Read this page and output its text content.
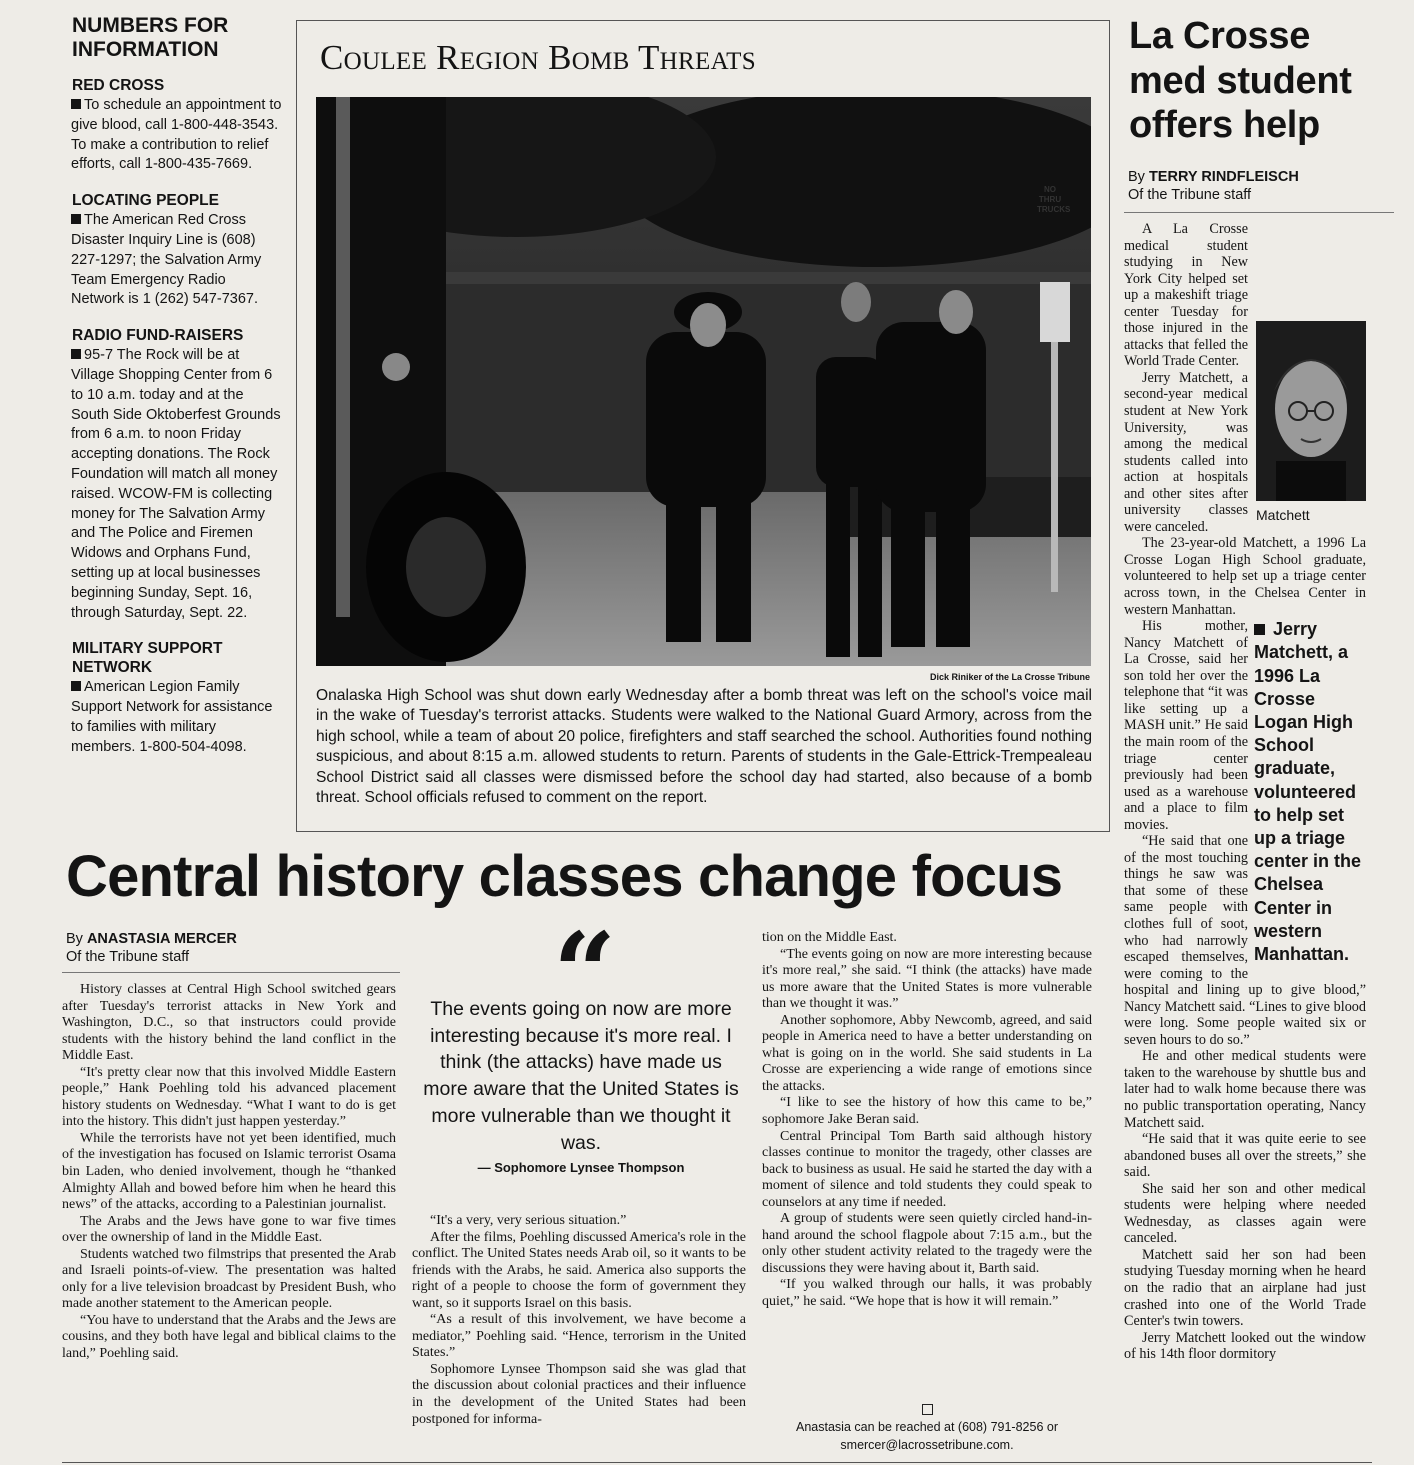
NUMBERS FOR INFORMATION
RED CROSS

To schedule an appointment to give blood, call 1-800-448-3543. To make a contribution to relief efforts, call 1-800-435-7669.

LOCATING PEOPLE

The American Red Cross Disaster Inquiry Line is (608) 227-1297; the Salvation Army Team Emergency Radio Network is 1 (262) 547-7367.

RADIO FUND-RAISERS

95-7 The Rock will be at Village Shopping Center from 6 to 10 a.m. today and at the South Side Oktoberfest Grounds from 6 a.m. to noon Friday accepting donations. The Rock Foundation will match all money raised. WCOW-FM is collecting money for The Salvation Army and The Police and Firemen Widows and Orphans Fund, setting up at local businesses beginning Sunday, Sept. 16, through Saturday, Sept. 22.

MILITARY SUPPORT NETWORK

American Legion Family Support Network for assistance to families with military members. 1-800-504-4098.

Coulee Region Bomb Threats
NO THRU TRUCKS
Dick Riniker of the La Crosse Tribune
Onalaska High School was shut down early Wednesday after a bomb threat was left on the school's voice mail in the wake of Tuesday's terrorist attacks. Students were walked to the National Guard Armory, across from the high school, while a team of about 20 police, firefighters and staff searched the school. Authorities found nothing suspicious, and about 8:15 a.m. allowed students to return. Parents of students in the Gale-Ettrick-Trempealeau School District said all classes were dismissed before the school day had started, also because of a bomb threat. School officials refused to comment on the report.
La Crosse med student offers help
By TERRY RINDFLEISCH
Of the Tribune staff
Matchett

A La Crosse medical student studying in New York City helped set up a makeshift triage center Tuesday for those injured in the attacks that felled the World Trade Center.

Jerry Matchett, a second-year medical student at New York University, was among the medical students called into action at hospitals and other sites after university classes were canceled.

The 23-year-old Matchett, a 1996 La Crosse Logan High School graduate, volunteered to help set up a triage center across town, in the Chelsea Center in western Manhattan.

Jerry Matchett, a 1996 La Crosse Logan High School graduate, volunteered to help set up a triage center in the Chelsea Center in western Manhattan.

His mother, Nancy Matchett of La Crosse, said her son told her over the telephone that “it was like setting up a MASH unit.” He said the main room of the triage center previously had been used as a warehouse and a place to film movies.

“He said that one of the most touching things he saw was that some of these same people with clothes full of soot, who had narrowly escaped themselves, were coming to the hospital and lining up to give blood,” Nancy Matchett said. “Lines to give blood were long. Some people waited six or seven hours to do so.”

He and other medical students were taken to the warehouse by shuttle bus and later had to walk home because there was no public transportation operating, Nancy Matchett said.

“He said that it was quite eerie to see abandoned buses all over the streets,” she said.

She said her son and other medical students were helping where needed Wednesday, as classes again were canceled.

Matchett said her son had been studying Tuesday morning when he heard on the radio that an airplane had just crashed into one of the World Trade Center's twin towers.

Jerry Matchett looked out the window of his 14th floor dormitory

Central history classes change focus
By ANASTASIA MERCER
Of the Tribune staff

History classes at Central High School switched gears after Tuesday's terrorist attacks in New York and Washington, D.C., so that instructors could provide students with the history behind the land conflict in the Middle East.

“It's pretty clear now that this involved Middle Eastern people,” Hank Poehling told his advanced placement history students on Wednesday. “What I want to do is get into the history. This didn't just happen yesterday.”

While the terrorists have not yet been identified, much of the investigation has focused on Islamic terrorist Osama bin Laden, who denied involvement, though he “thanked Almighty Allah and bowed before him when he heard this news” of the attacks, according to a Palestinian journalist.

The Arabs and the Jews have gone to war five times over the ownership of land in the Middle East.

Students watched two filmstrips that presented the Arab and Israeli points-of-view. The presentation was halted only for a live television broadcast by President Bush, who made another statement to the American people.

“You have to understand that the Arabs and the Jews are cousins, and they both have legal and biblical claims to the land,” Poehling said.

“
The events going on now are more interesting because it's more real. I think (the attacks) have made us more aware that the United States is more vulnerable than we thought it was.
— Sophomore Lynsee Thompson

“It's a very, very serious situation.”

After the films, Poehling discussed America's role in the conflict. The United States needs Arab oil, so it wants to be friends with the Arabs, he said. America also supports the right of a people to choose the form of government they want, so it supports Israel on this basis.

“As a result of this involvement, we have become a mediator,” Poehling said. “Hence, terrorism in the United States.”

Sophomore Lynsee Thompson said she was glad that the discussion about colonial practices and their influence in the development of the United States had been postponed for informa-

tion on the Middle East.

“The events going on now are more interesting because it's more real,” she said. “I think (the attacks) have made us more aware that the United States is more vulnerable than we thought it was.”

Another sophomore, Abby Newcomb, agreed, and said people in America need to have a better understanding on what is going on in the world. She said students in La Crosse are experiencing a wide range of emotions since the attacks.

“I like to see the history of how this came to be,” sophomore Jake Beran said.

Central Principal Tom Barth said although history classes continue to monitor the tragedy, other classes are back to business as usual. He said he started the day with a moment of silence and told students they could speak to counselors at any time if needed.

A group of students were seen quietly circled hand-in-hand around the school flagpole about 7:15 a.m., but the only other student activity related to the tragedy were the discussions they were having about it, Barth said.

“If you walked through our halls, it was probably quiet,” he said. “We hope that is how it will remain.”

Anastasia can be reached at (608) 791-8256 or smercer@lacrossetribune.com.
